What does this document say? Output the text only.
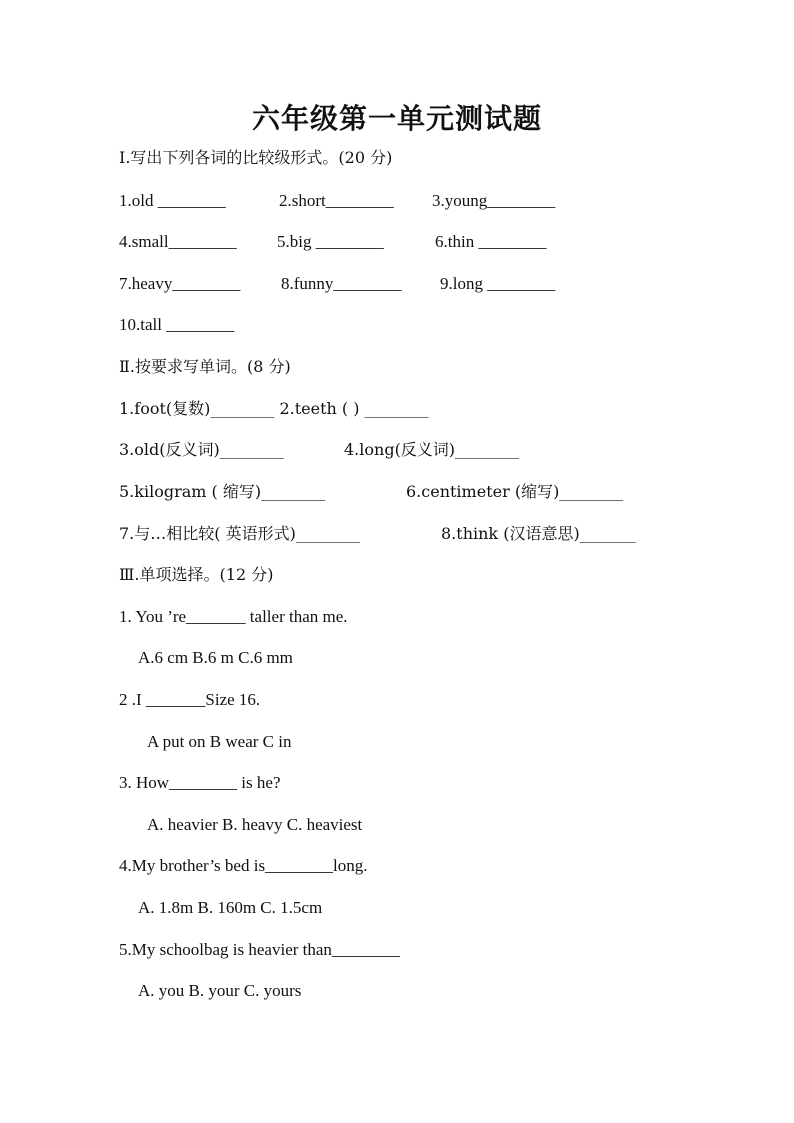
六年级第一单元测试题
Ⅰ.写出下列各词的比较级形式。(20 分)
1.old ________	2.short________ 3.young________
4.small________ 5.big ________	6.thin ________
7.heavy________ 8.funny________ 9.long ________
10.tall ________
Ⅱ.按要求写单词。(8 分)
1.foot(复数)________ 2.teeth ( ) ________
3.old(反义词)________	4.long(反义词)________
5.kilogram ( 缩写)________	6.centimeter (缩写)________
7.与…相比较( 英语形式)________	8.think (汉语意思)_______
Ⅲ.单项选择。(12 分)
1. You ’re_______ taller than me.
A.6 cm B.6 m C.6 mm
2 .I _______Size 16.
A put on B wear C in
3. How________ is he?
A. heavier B. heavy C. heaviest
4.My brother’s bed is________long.
A. 1.8m B. 160m C. 1.5cm
5.My schoolbag is heavier than________
A. you B. your C. yours
